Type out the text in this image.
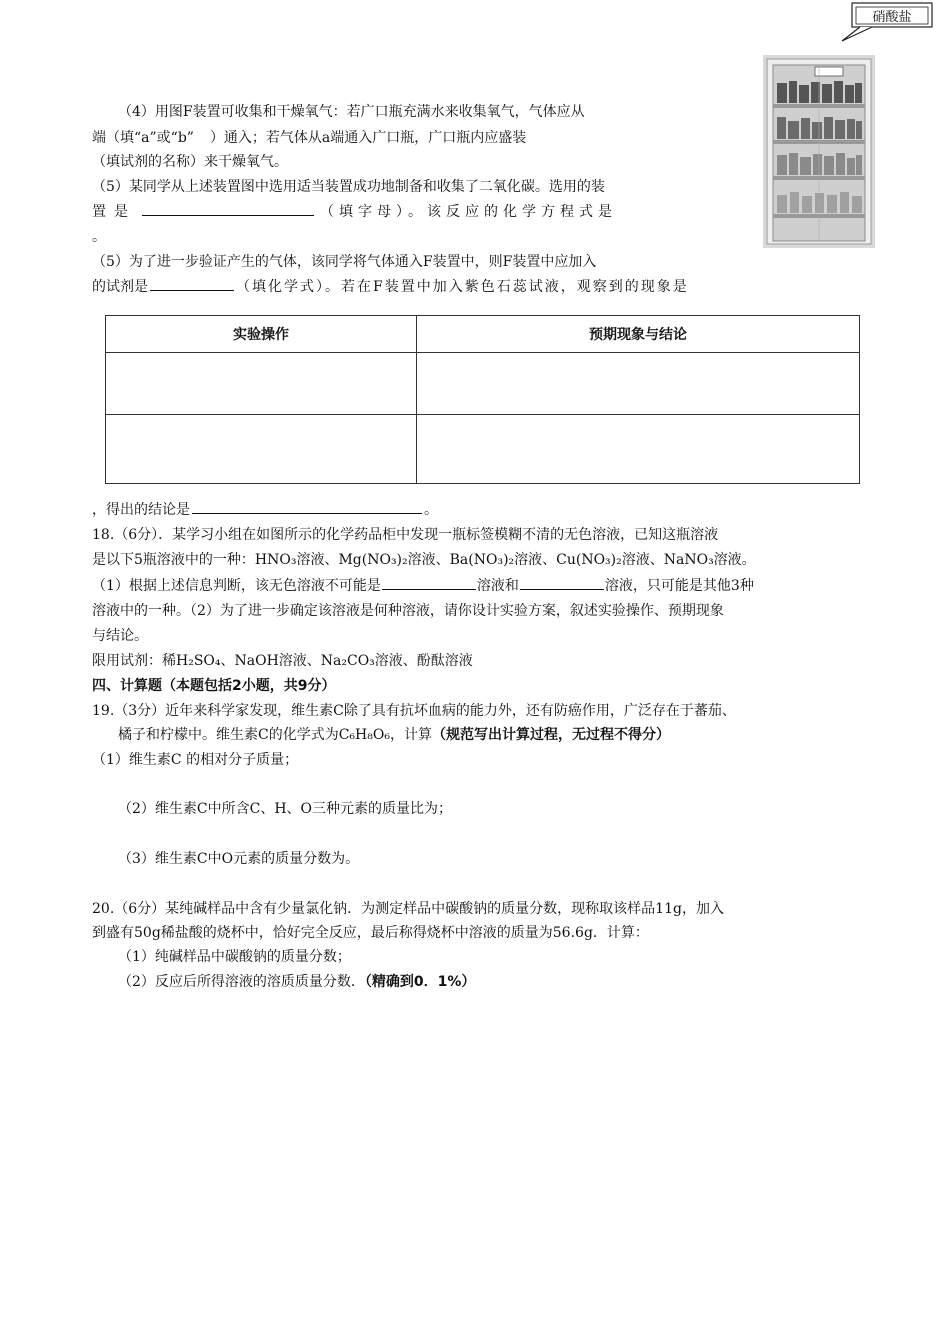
硝酸盐
（4）用图F装置可收集和干燥氧气：若广口瓶充满水来收集氧气，气体应从
端（填“a”或“b” ）通入；若气体从a端通入广口瓶，广口瓶内应盛装
（填试剂的名称）来干燥氧气。
（5）某同学从上述装置图中选用适当装置成功地制备和收集了二氧化碳。选用的装
置是	（填字母）。该反应的化学方程式是
。
（5）为了进一步验证产生的气体，该同学将气体通入F装置中，则F装置中应加入
的试剂是	（填化学式）。若在F装置中加入紫色石蕊试液，观察到的现象是
实验操作	预期现象与结论

，得出的结论是	。
18.（6分）．某学习小组在如图所示的化学药品柜中发现一瓶标签模糊不清的无色溶液，已知这瓶溶液
是以下5瓶溶液中的一种：HNO₃溶液、Mg(NO₃)₂溶液、Ba(NO₃)₂溶液、Cu(NO₃)₂溶液、NaNO₃溶液。
（1）根据上述信息判断，该无色溶液不可能是	溶液和	溶液，只可能是其他3种
溶液中的一种。（2）为了进一步确定该溶液是何种溶液，请你设计实验方案，叙述实验操作、预期现象
与结论。
限用试剂：稀H₂SO₄、NaOH溶液、Na₂CO₃溶液、酚酞溶液
四、计算题（本题包括2小题，共9分）
19.（3分）近年来科学家发现，维生素C除了具有抗坏血病的能力外，还有防癌作用，广泛存在于蕃茄、
橘子和柠檬中。维生素C的化学式为C₆H₈O₆，计算（规范写出计算过程，无过程不得分）
（1）维生素C 的相对分子质量；
（2）维生素C中所含C、H、O三种元素的质量比为；
（3）维生素C中O元素的质量分数为。
20.（6分）某纯碱样品中含有少量氯化钠．为测定样品中碳酸钠的质量分数，现称取该样品11g，加入
到盛有50g稀盐酸的烧杯中，恰好完全反应，最后称得烧杯中溶液的质量为56.6g．计算：
（1）纯碱样品中碳酸钠的质量分数；
（2）反应后所得溶液的溶质质量分数．（精确到0．1%）
